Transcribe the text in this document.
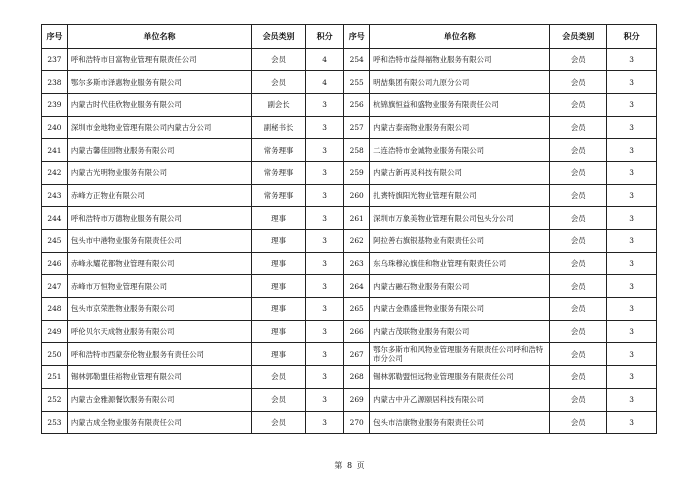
序号	单位名称	会员类别	积分	序号	单位名称	会员类别	积分
237	呼和浩特市目富物业管理有限责任公司	会员	4	254	呼和浩特市益得福物业服务有限公司	会员	3
238	鄂尔多斯市泽惠物业服务有限公司	会员	4	255	明喆集团有限公司九原分公司	会员	3
239	内蒙古时代佳欣物业服务有限公司	副会长	3	256	杭锦旗恒益和盛物业服务有限责任公司	会员	3
240	深圳市金地物业管理有限公司内蒙古分公司	副秘书长	3	257	内蒙古泰南物业服务有限公司	会员	3
241	内蒙古馨佳园物业服务有限公司	常务理事	3	258	二连浩特市金诚物业服务有限公司	会员	3
242	内蒙古光明物业服务有限公司	常务理事	3	259	内蒙古新再灵科技有限公司	会员	3
243	赤峰方正物业有限公司	常务理事	3	260	扎赉特旗阳光物业管理有限公司	会员	3
244	呼和浩特市万德物业服务有限公司	理事	3	261	深圳市万象美物业管理有限公司包头分公司	会员	3
245	包头市中港物业服务有限责任公司	理事	3	262	阿拉善右旗银基物业有限责任公司	会员	3
246	赤峰永耀花都物业管理有限公司	理事	3	263	东乌珠穆沁旗佳和物业管理有限责任公司	会员	3
247	赤峰市万恒物业管理有限公司	理事	3	264	内蒙古融石物业服务有限公司	会员	3
248	包头市京荣胜物业服务有限公司	理事	3	265	内蒙古金鼎盛世物业服务有限公司	会员	3
249	呼伦贝尔天成物业服务有限公司	理事	3	266	内蒙古茂联物业服务有限公司	会员	3
250	呼和浩特市西蒙奈伦物业服务有责任公司	理事	3	267	鄂尔多斯市和风物业管理服务有限责任公司呼和浩特市分公司	会员	3
251	锡林郭勒盟佳裕物业管理有限公司	会员	3	268	锡林郭勒盟恒远物业管理服务有限责任公司	会员	3
252	内蒙古金雅源餐饮服务有限公司	会员	3	269	内蒙古中升乙源颐居科技有限公司	会员	3
253	内蒙古成全物业服务有限责任公司	会员	3	270	包头市洁康物业服务有限责任公司	会员	3
第 8 页
